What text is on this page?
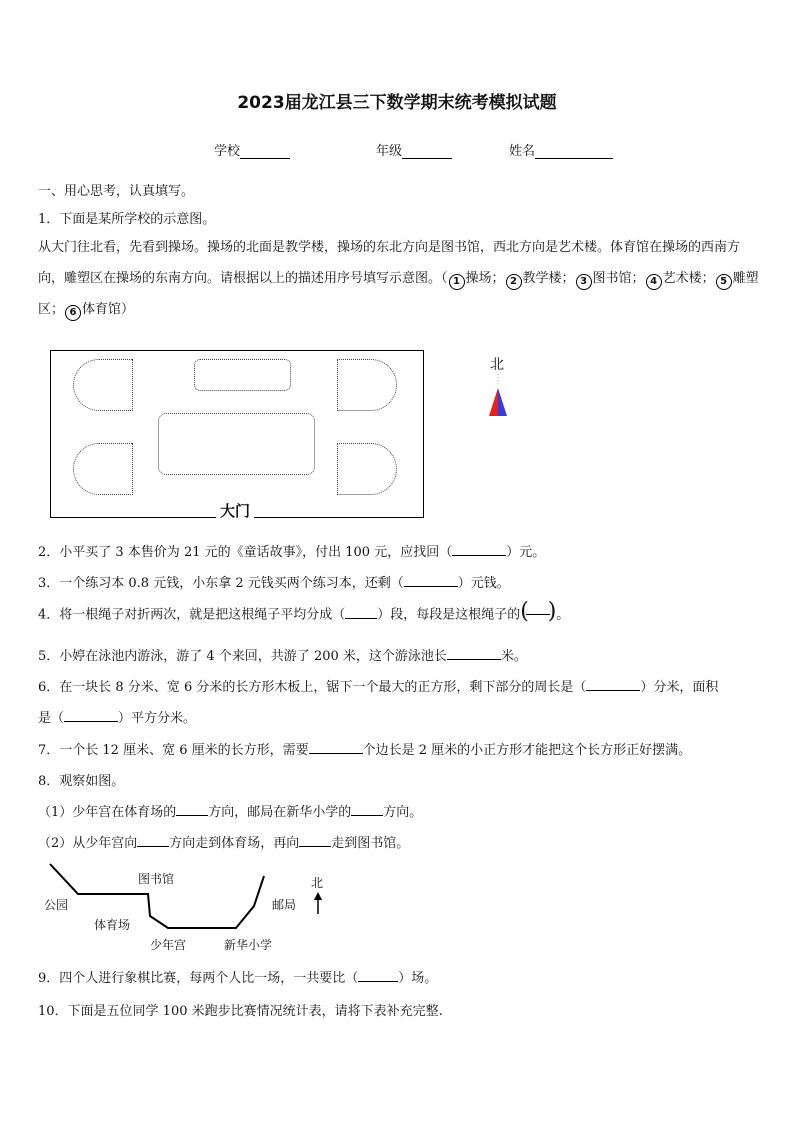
2023届龙江县三下数学期末统考模拟试题
学校	年级	姓名
一、用心思考，认真填写。
1．下面是某所学校的示意图。
从大门往北看，先看到操场。操场的北面是教学楼，操场的东北方向是图书馆，西北方向是艺术楼。体育馆在操场的西南方向，雕塑区在操场的东南方向。请根据以上的描述用序号填写示意图。（ 1 操场； 2 教学楼； 3 图书馆； 4 艺术楼； 5 雕塑区； 6 体育馆）
大门
北
2．小平买了 3 本售价为 21 元的《童话故事》，付出 100 元，应找回（	）元。
3．一个练习本 0.8 元钱，小东拿 2 元钱买两个练习本，还剩（	）元钱。
4．将一根绳子对折两次，就是把这根绳子平均分成（ ）段，每段是这根绳子的 ( ) 。
5．小婷在泳池内游泳，游了 4 个来回，共游了 200 米，这个游泳池长	米。
6．在一块长 8 分米、宽 6 分米的长方形木板上，锯下一个最大的正方形，剩下部分的周长是（	）分米，面积
是（	）平方分米。
7．一个长 12 厘米、宽 6 厘米的长方形，需要	个边长是 2 厘米的小正方形才能把这个长方形正好摆满。
8．观察如图。
（1）少年宫在体育场的 方向，邮局在新华小学的 方向。
（2）从少年宫向 方向走到体育场，再向 走到图书馆。
公园
图书馆
体育场
少年宫	新华小学
邮局
北
9．四个人进行象棋比赛，每两个人比一场，一共要比（	）场。
10．下面是五位同学 100 米跑步比赛情况统计表，请将下表补充完整.
